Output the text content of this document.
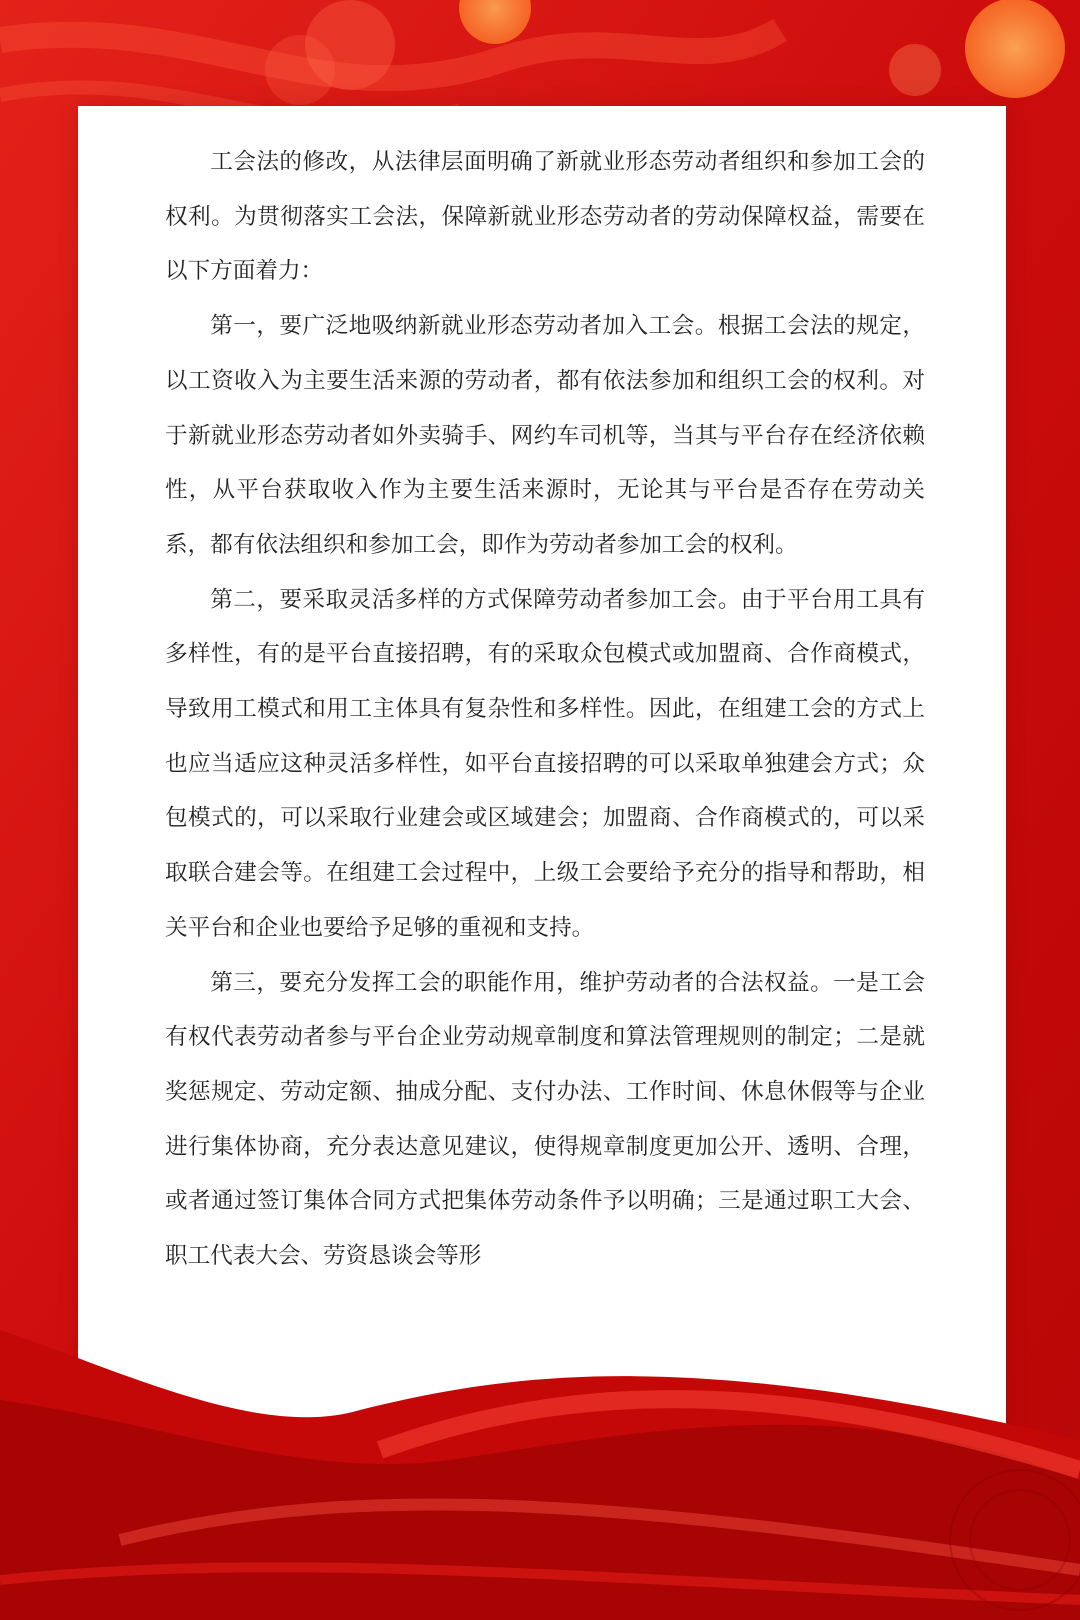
工会法的修改，从法律层面明确了新就业形态劳动者组织和参加工会的权利。为贯彻落实工会法，保障新就业形态劳动者的劳动保障权益，需要在以下方面着力：

第一，要广泛地吸纳新就业形态劳动者加入工会。根据工会法的规定，以工资收入为主要生活来源的劳动者，都有依法参加和组织工会的权利。对于新就业形态劳动者如外卖骑手、网约车司机等，当其与平台存在经济依赖性，从平台获取收入作为主要生活来源时，无论其与平台是否存在劳动关系，都有依法组织和参加工会，即作为劳动者参加工会的权利。

第二，要采取灵活多样的方式保障劳动者参加工会。由于平台用工具有多样性，有的是平台直接招聘，有的采取众包模式或加盟商、合作商模式，导致用工模式和用工主体具有复杂性和多样性。因此，在组建工会的方式上也应当适应这种灵活多样性，如平台直接招聘的可以采取单独建会方式；众包模式的，可以采取行业建会或区域建会；加盟商、合作商模式的，可以采取联合建会等。在组建工会过程中，上级工会要给予充分的指导和帮助，相关平台和企业也要给予足够的重视和支持。

第三，要充分发挥工会的职能作用，维护劳动者的合法权益。一是工会有权代表劳动者参与平台企业劳动规章制度和算法管理规则的制定；二是就奖惩规定、劳动定额、抽成分配、支付办法、工作时间、休息休假等与企业进行集体协商，充分表达意见建议，使得规章制度更加公开、透明、合理，或者通过签订集体合同方式把集体劳动条件予以明确；三是通过职工大会、职工代表大会、劳资恳谈会等形
